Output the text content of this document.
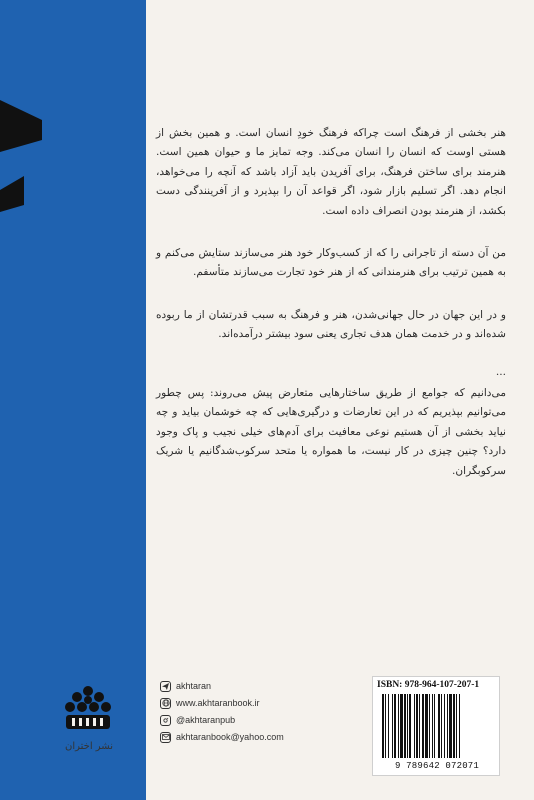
هنر بخشی از فرهنگ است چراکه فرهنگ خودِ انسان است. و همین بخش از هستی اوست که انسان را انسان می‌کند. وجه تمایز ما و حیوان همین است. هنرمند برای ساختن فرهنگ، برای آفریدن باید آزاد باشد که آنچه را می‌خواهد، انجام دهد. اگر تسلیم بازار شود، اگر قواعد آن را بپذیرد و از آفرینندگی دست بکشد، از هنرمند بودن انصراف داده است.

من آن دسته از تاجرانی را که از کسب‌وکار خود هنر می‌سازند ستایش می‌کنم و به همین ترتیب برای هنرمندانی که از هنر خود تجارت می‌سازند متأسفم.

و در این جهان در حال جهانی‌شدن، هنر و فرهنگ به سبب قدرتشان از ما ربوده شده‌اند و در خدمت همان هدف تجاری یعنی سود بیشتر درآمده‌اند.

...

می‌دانیم که جوامع از طریق ساختارهایی متعارض پیش می‌روند: پس چطور می‌توانیم بپذیریم که در این تعارضات و درگیری‌هایی که چه خوشمان بیاید و چه نیاید بخشی از آن هستیم نوعی معافیت برای آدم‌های خیلی نجیب و پاک وجود دارد؟ چنین چیزی در کار نیست، ما همواره یا متحد سرکوب‌شدگانیم یا شریک سرکوبگران.

نشر اختران
akhtaran
www.akhtaranbook.ir
@akhtaranpub
akhtaranbook@yahoo.com
ISBN: 978-964-107-207-1
9 789642 072071
